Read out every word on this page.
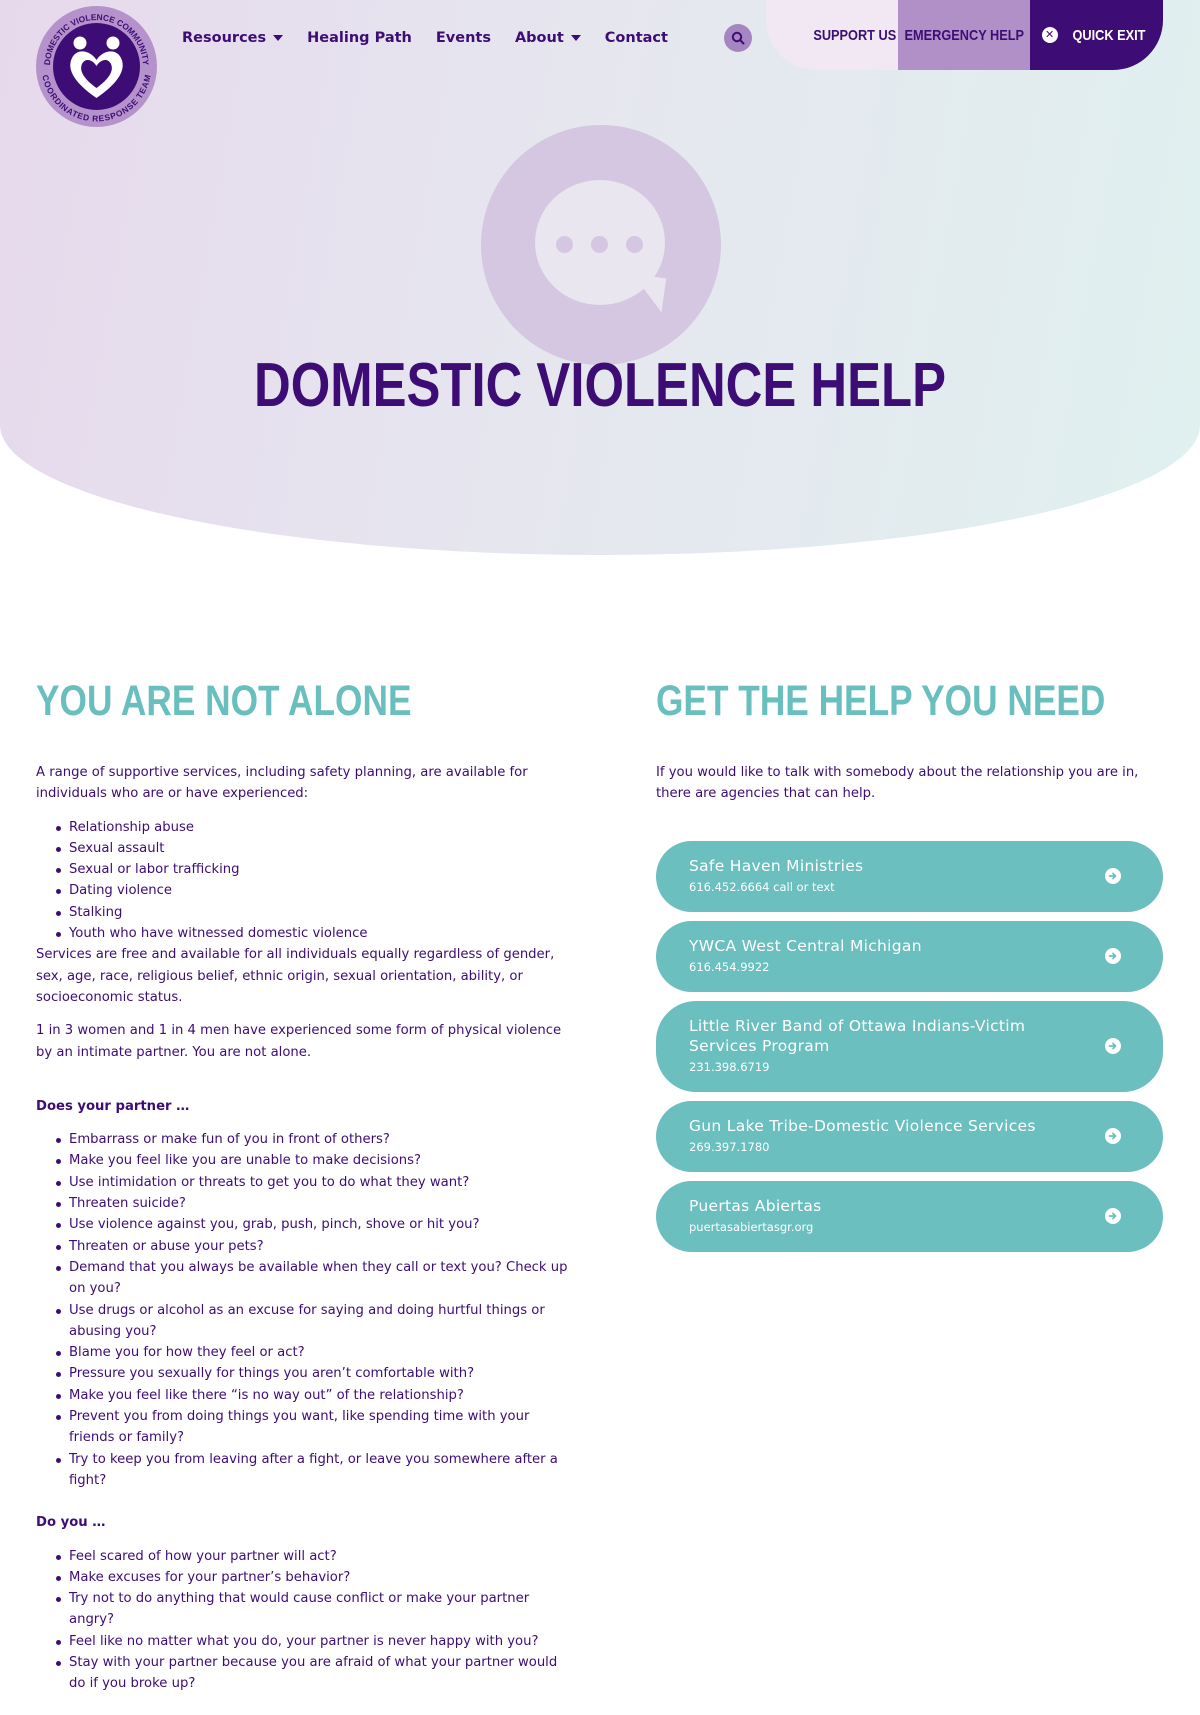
DOMESTIC VIOLENCE HELP
DOMESTIC VIOLENCE COMMUNITY
COORDINATED RESPONSE TEAM
Resources	Healing Path Events About	Contact	SUPPORT US EMERGENCY HELP	✕ QUICK EXIT
YOU ARE NOT ALONE

A range of supportive services, including safety planning, are available for individuals who are or have experienced:

Relationship abuse
Sexual assault
Sexual or labor trafficking
Dating violence
Stalking
Youth who have witnessed domestic violence

Services are free and available for all individuals equally regardless of gender, sex, age, race, religious belief, ethnic origin, sexual orientation, ability, or socioeconomic status.

1 in 3 women and 1 in 4 men have experienced some form of physical violence by an intimate partner. You are not alone.

Does your partner …

Embarrass or make fun of you in front of others?
Make you feel like you are unable to make decisions?
Use intimidation or threats to get you to do what they want?
Threaten suicide?
Use violence against you, grab, push, pinch, shove or hit you?
Threaten or abuse your pets?
Demand that you always be available when they call or text you? Check up on you?
Use drugs or alcohol as an excuse for saying and doing hurtful things or abusing you?
Blame you for how they feel or act?
Pressure you sexually for things you aren’t comfortable with?
Make you feel like there “is no way out” of the relationship?
Prevent you from doing things you want, like spending time with your friends or family?
Try to keep you from leaving after a fight, or leave you somewhere after a fight?

Do you …

Feel scared of how your partner will act?
Make excuses for your partner’s behavior?
Try not to do anything that would cause conflict or make your partner angry?
Feel like no matter what you do, your partner is never happy with you?
Stay with your partner because you are afraid of what your partner would do if you broke up?
GET THE HELP YOU NEED

If you would like to talk with somebody about the relationship you are in, there are agencies that can help.

Safe Haven Ministries
616.452.6664 call or text
YWCA West Central Michigan
616.454.9922
Little River Band of Ottawa Indians-Victim Services Program
231.398.6719
Gun Lake Tribe-Domestic Violence Services
269.397.1780
Puertas Abiertas
puertasabiertasgr.org
